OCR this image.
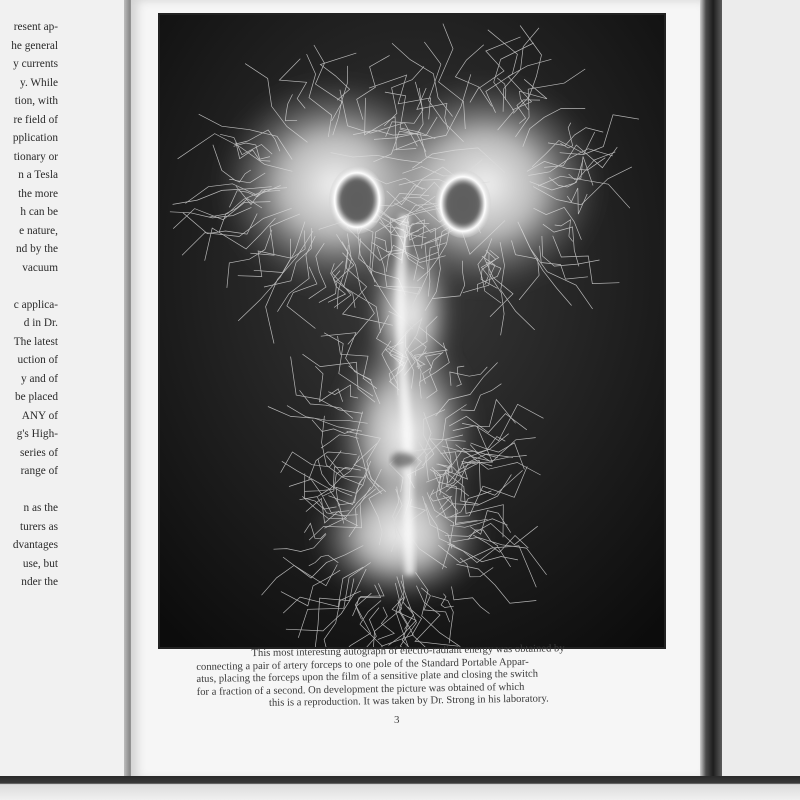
resent ap-
he general
y currents
y. While
tion, with
re field of
pplication
tionary or
n a Tesla
the more
h can be
e nature,
nd by the
vacuum
c applica-
d in Dr.
The latest
uction of
y and of
be placed
ANY of
g's High-
series of
range of
n as the
turers as
dvantages
use, but
nder the
This most interesting autograph of electro-radiant energy was obtained by
connecting a pair of artery forceps to one pole of the Standard Portable Appar-
atus, placing the forceps upon the film of a sensitive plate and closing the switch
for a fraction of a second. On development the picture was obtained of which
this is a reproduction. It was taken by Dr. Strong in his laboratory.
3
